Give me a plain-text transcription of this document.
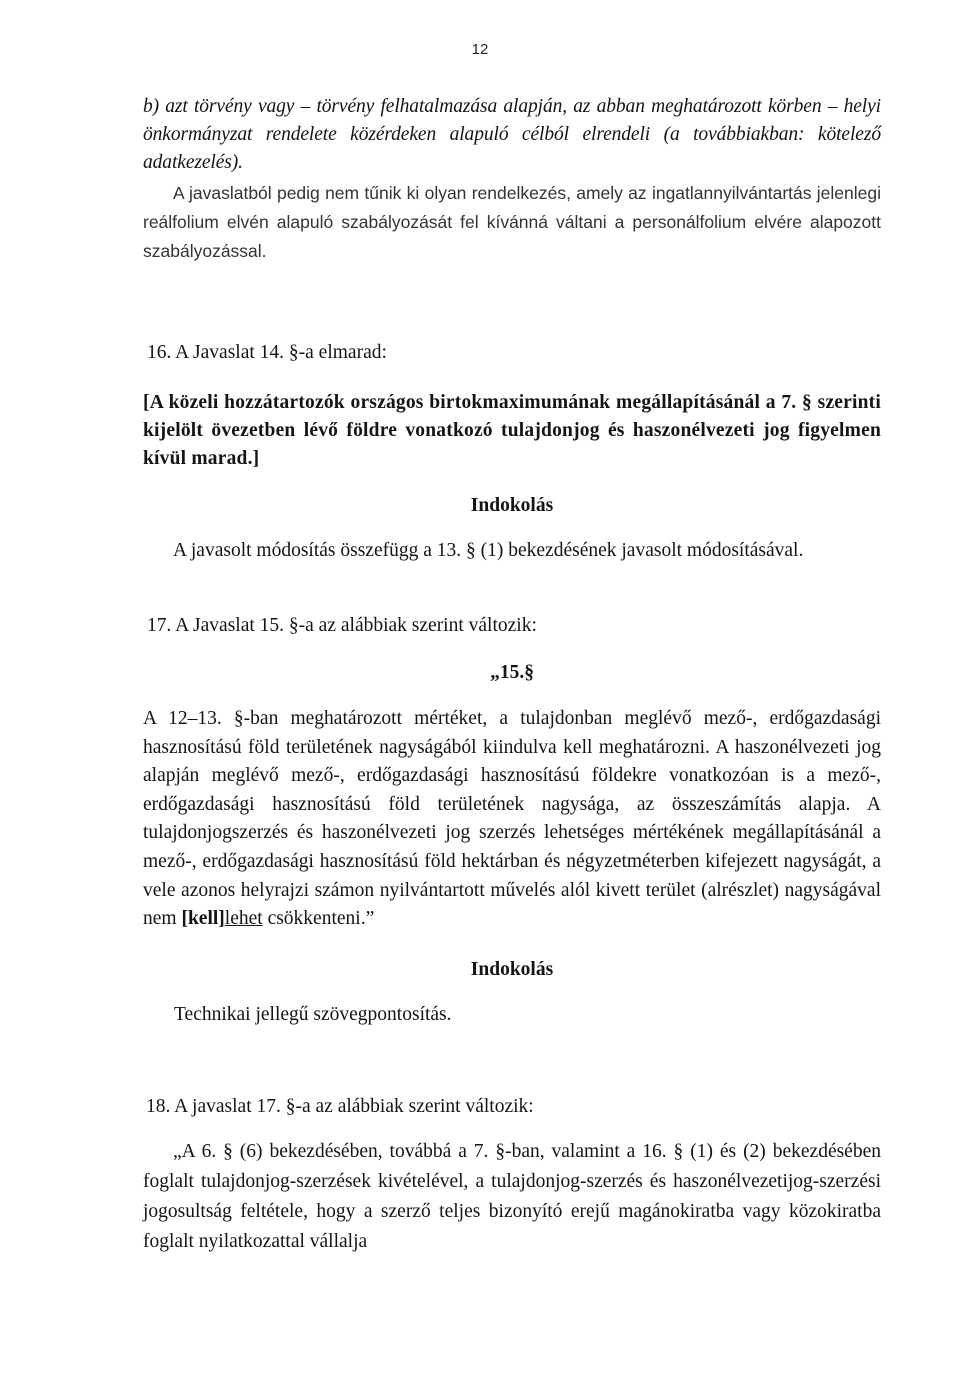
12

b) azt törvény vagy – törvény felhatalmazása alapján, az abban meghatározott körben – helyi önkormányzat rendelete közérdeken alapuló célból elrendeli (a továbbiakban: kötelező adatkezelés).

A javaslatból pedig nem tűnik ki olyan rendelkezés, amely az ingatlannyilvántartás jelenlegi reálfolium elvén alapuló szabályozását fel kívánná váltani a personálfolium elvére alapozott szabályozással.

16. A Javaslat 14. §-a elmarad:

[A közeli hozzátartozók országos birtokmaximumának megállapításánál a 7. § szerinti kijelölt övezetben lévő földre vonatkozó tulajdonjog és haszonélvezeti jog figyelmen kívül marad.]

Indokolás

A javasolt módosítás összefügg a 13. § (1) bekezdésének javasolt módosításával.

17. A Javaslat 15. §-a az alábbiak szerint változik:

„15.§

A 12–13. §-ban meghatározott mértéket, a tulajdonban meglévő mező-, erdőgazdasági hasznosítású föld területének nagyságából kiindulva kell meghatározni. A haszonélvezeti jog alapján meglévő mező-, erdőgazdasági hasznosítású földekre vonatkozóan is a mező-, erdőgazdasági hasznosítású föld területének nagysága, az összeszámítás alapja. A tulajdonjogszerzés és haszonélvezeti jog szerzés lehetséges mértékének megállapításánál a mező-, erdőgazdasági hasznosítású föld hektárban és négyzetméterben kifejezett nagyságát, a vele azonos helyrajzi számon nyilvántartott művelés alól kivett terület (alrészlet) nagyságával nem [kell]lehet csökkenteni.”

Indokolás

Technikai jellegű szövegpontosítás.

18. A javaslat 17. §-a az alábbiak szerint változik:

„A 6. § (6) bekezdésében, továbbá a 7. §-ban, valamint a 16. § (1) és (2) bekezdésében foglalt tulajdonjog-szerzések kivételével, a tulajdonjog-szerzés és haszonélvezetijog-szerzési jogosultság feltétele, hogy a szerző teljes bizonyító erejű magánokiratba vagy közokiratba foglalt nyilatkozattal vállalja
